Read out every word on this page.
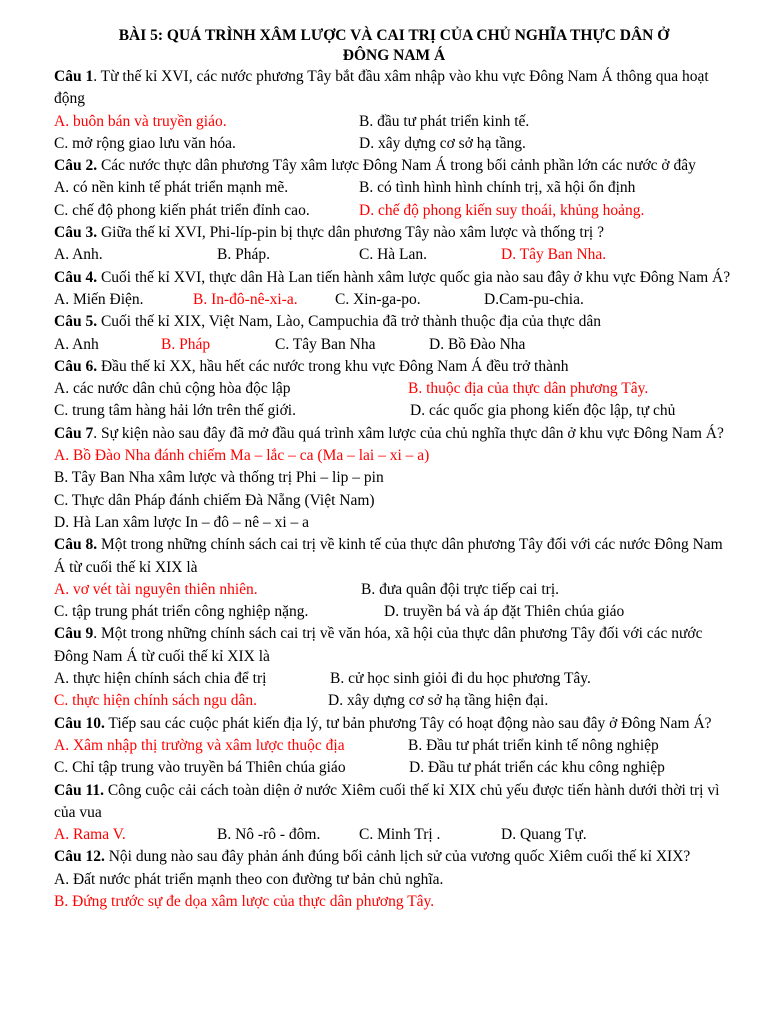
BÀI 5: QUÁ TRÌNH XÂM LƯỢC VÀ CAI TRỊ CỦA CHỦ NGHĨA THỰC DÂN Ở
ĐÔNG NAM Á
Câu 1. Từ thế kỉ XVI, các nước phương Tây bắt đầu xâm nhập vào khu vực Đông Nam Á thông qua hoạt động
A. buôn bán và truyền giáo.	B. đầu tư phát triển kinh tế.
C. mở rộng giao lưu văn hóa.	D. xây dựng cơ sở hạ tầng.
Câu 2. Các nước thực dân phương Tây xâm lược Đông Nam Á trong bối cảnh phần lớn các nước ở đây
A. có nền kinh tế phát triển mạnh mẽ.	B. có tình hình hình chính trị, xã hội ổn định
C. chế độ phong kiến phát triển đỉnh cao.	D. chế độ phong kiến suy thoái, khủng hoảng.
Câu 3. Giữa thế kỉ XVI, Phi-líp-pin bị thực dân phương Tây nào xâm lược và thống trị ?
A. Anh.	B. Pháp.	C. Hà Lan.	D. Tây Ban Nha.
Câu 4. Cuối thế kỉ XVI, thực dân Hà Lan tiến hành xâm lược quốc gia nào sau đây ở khu vực Đông Nam Á?
A. Miến Điện.	B. In-đô-nê-xi-a. C. Xin-ga-po.	D.Cam-pu-chia.
Câu 5. Cuối thế kỉ XIX, Việt Nam, Lào, Campuchia đã trở thành thuộc địa của thực dân
A. Anh	B. Pháp	C. Tây Ban Nha	D. Bồ Đào Nha
Câu 6. Đầu thế kỉ XX, hầu hết các nước trong khu vực Đông Nam Á đều trở thành
A. các nước dân chủ cộng hòa độc lập	B. thuộc địa của thực dân phương Tây.
C. trung tâm hàng hải lớn trên thế giới.	D. các quốc gia phong kiến độc lập, tự chủ
Câu 7. Sự kiện nào sau đây đã mở đầu quá trình xâm lược của chủ nghĩa thực dân ở khu vực Đông Nam Á?
A. Bồ Đào Nha đánh chiếm Ma – lắc – ca (Ma – lai – xi – a)
B. Tây Ban Nha xâm lược và thống trị Phi – lip – pin
C. Thực dân Pháp đánh chiếm Đà Nẵng (Việt Nam)
D. Hà Lan xâm lược In – đô – nê – xi – a
Câu 8. Một trong những chính sách cai trị về kinh tế của thực dân phương Tây đối với các nước Đông Nam Á từ cuối thế kỉ XIX là
A. vơ vét tài nguyên thiên nhiên.	B. đưa quân đội trực tiếp cai trị.
C. tập trung phát triển công nghiệp nặng.	D. truyền bá và áp đặt Thiên chúa giáo
Câu 9. Một trong những chính sách cai trị về văn hóa, xã hội của thực dân phương Tây đối với các nước Đông Nam Á từ cuối thế kỉ XIX là
A. thực hiện chính sách chia để trị	B. cử học sinh giỏi đi du học phương Tây.
C. thực hiện chính sách ngu dân.	D. xây dựng cơ sở hạ tầng hiện đại.
Câu 10. Tiếp sau các cuộc phát kiến địa lý, tư bản phương Tây có hoạt động nào sau đây ở Đông Nam Á?
A. Xâm nhập thị trường và xâm lược thuộc địa	B. Đầu tư phát triển kinh tế nông nghiệp
C. Chỉ tập trung vào truyền bá Thiên chúa giáo	D. Đầu tư phát triển các khu công nghiệp
Câu 11. Công cuộc cải cách toàn diện ở nước Xiêm cuối thế kỉ XIX chủ yếu được tiến hành dưới thời trị vì của vua
A. Rama V.	B. Nô -rô - đôm. C. Minh Trị .	D. Quang Tự.
Câu 12. Nội dung nào sau đây phản ánh đúng bối cảnh lịch sử của vương quốc Xiêm cuối thế kỉ XIX?
A. Đất nước phát triển mạnh theo con đường tư bản chủ nghĩa.
B. Đứng trước sự đe dọa xâm lược của thực dân phương Tây.
